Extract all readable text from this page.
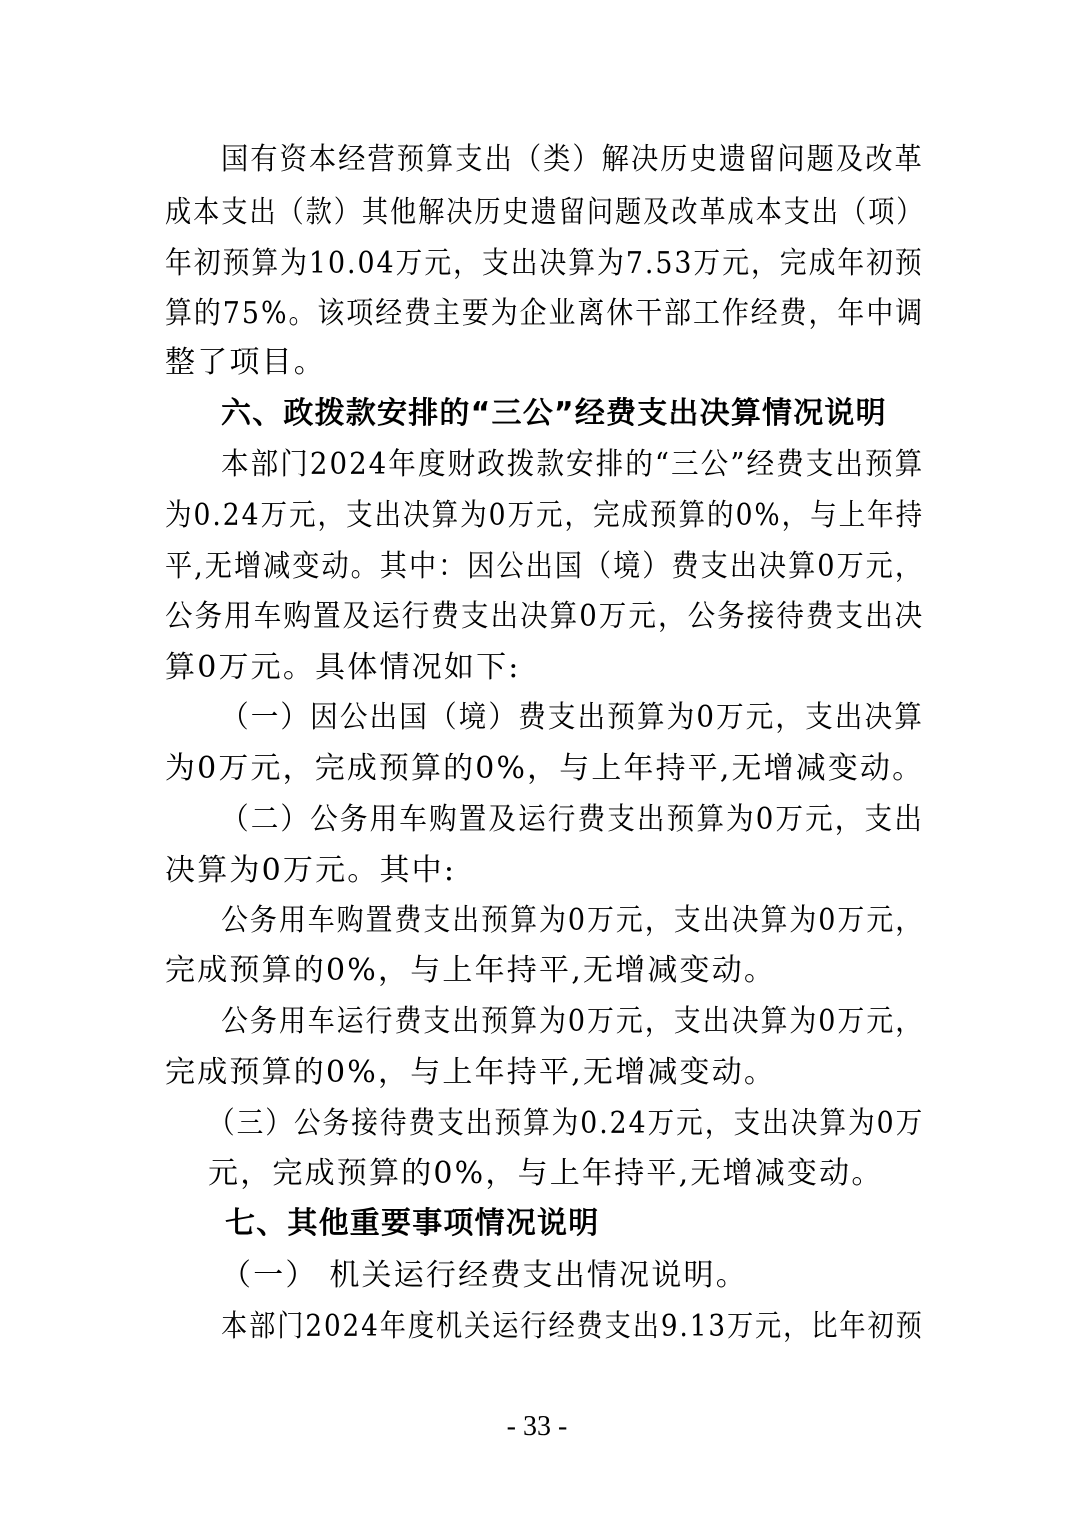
国有资本经营预算支出（类）解决历史遗留问题及改革
成本支出（款）其他解决历史遗留问题及改革成本支出（项）
年初预算为10.04万元，支出决算为7.53万元，完成年初预
算的75%。该项经费主要为企业离休干部工作经费，年中调
整了项目。
六、政拨款安排的“三公”经费支出决算情况说明
本部门2024年度财政拨款安排的“三公”经费支出预算
为0.24万元，支出决算为0万元，完成预算的0%，与上年持
平,无增减变动。其中：因公出国（境）费支出决算0万元，
公务用车购置及运行费支出决算0万元，公务接待费支出决
算0万元。具体情况如下:
（一）因公出国（境）费支出预算为0万元，支出决算
为0万元，完成预算的0%，与上年持平,无增减变动。
（二）公务用车购置及运行费支出预算为0万元，支出
决算为0万元。其中:
公务用车购置费支出预算为0万元，支出决算为0万元，
完成预算的0%，与上年持平,无增减变动。
公务用车运行费支出预算为0万元，支出决算为0万元，
完成预算的0%，与上年持平,无增减变动。
（三）公务接待费支出预算为0.24万元，支出决算为0万
元，完成预算的0%，与上年持平,无增减变动。
七、其他重要事项情况说明
（一） 机关运行经费支出情况说明。
本部门2024年度机关运行经费支出9.13万元，比年初预
- 33 -
